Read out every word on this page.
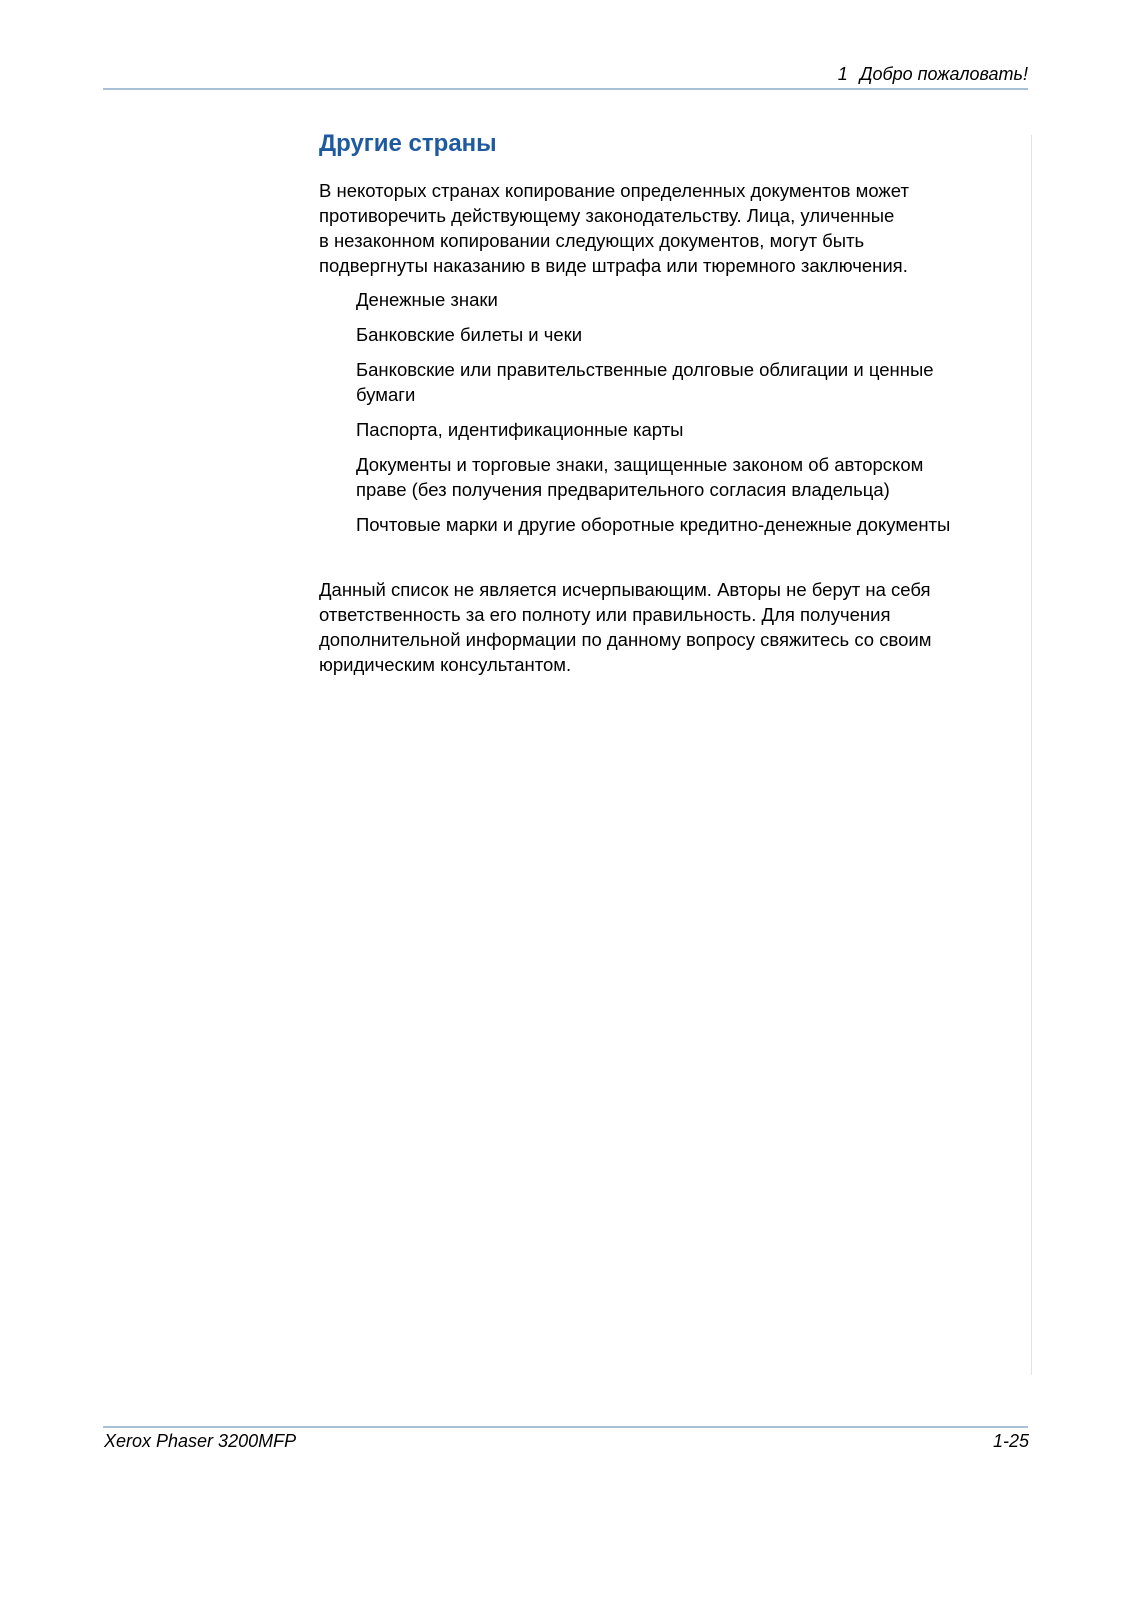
1 Добро пожаловать!
Другие страны

В некоторых странах копирование определенных документов может
противоречить действующему законодательству. Лица, уличенные
в незаконном копировании следующих документов, могут быть
подвергнуты наказанию в виде штрафа или тюремного заключения.

Денежные знаки
Банковские билеты и чеки
Банковские или правительственные долговые облигации и ценные
бумаги
Паспорта, идентификационные карты
Документы и торговые знаки, защищенные законом об авторском
праве (без получения предварительного согласия владельца)
Почтовые марки и другие оборотные кредитно-денежные документы

Данный список не является исчерпывающим. Авторы не берут на себя
ответственность за его полноту или правильность. Для получения
дополнительной информации по данному вопросу свяжитесь со своим
юридическим консультантом.

Xerox Phaser 3200MFP	1-25
